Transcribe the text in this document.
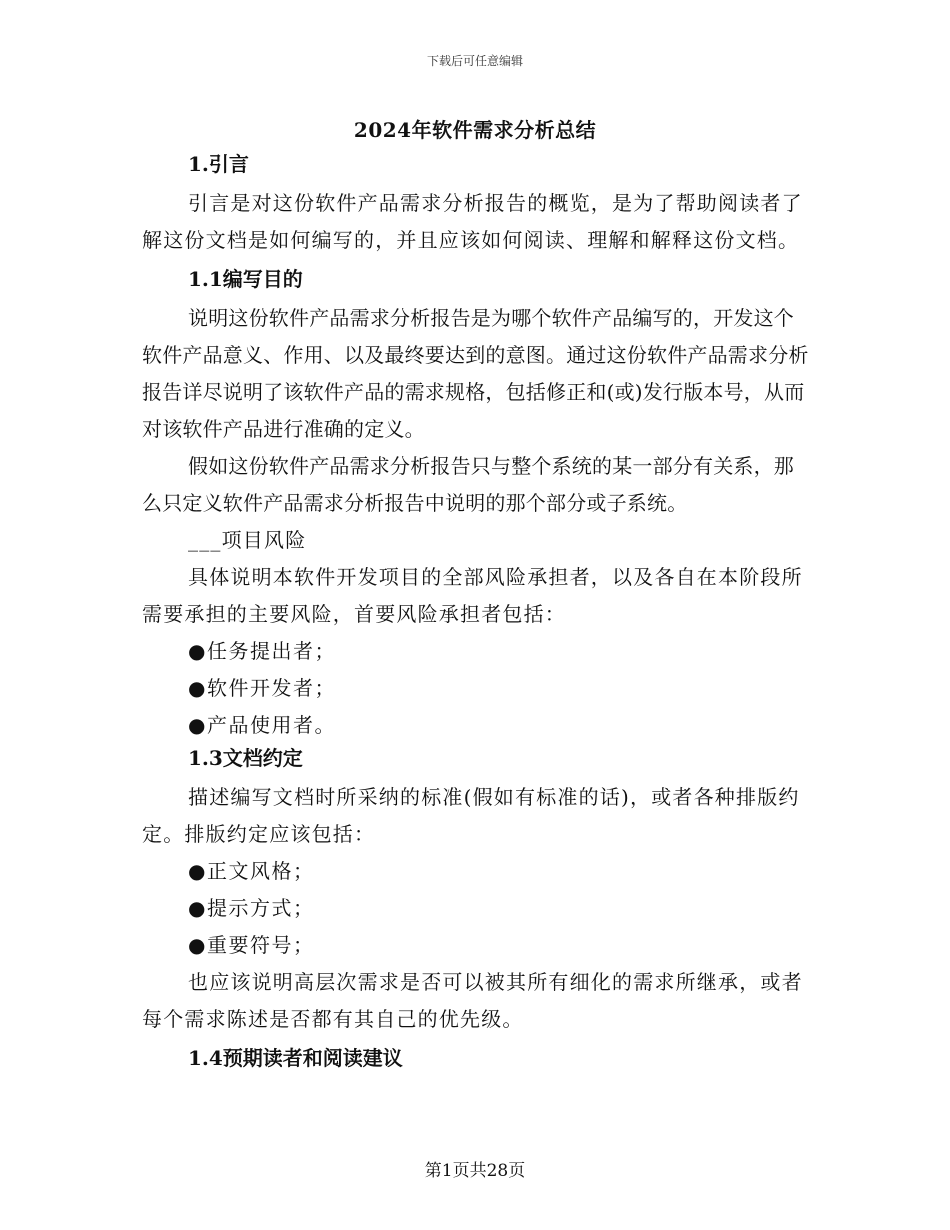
下载后可任意编辑
2024年软件需求分析总结
1.引言

引言是对这份软件产品需求分析报告的概览，是为了帮助阅读者了解这份文档是如何编写的，并且应该如何阅读、理解和解释这份文档。

1.1编写目的

说明这份软件产品需求分析报告是为哪个软件产品编写的，开发这个软件产品意义、作用、以及最终要达到的意图。通过这份软件产品需求分析报告详尽说明了该软件产品的需求规格，包括修正和(或)发行版本号，从而对该软件产品进行准确的定义。

假如这份软件产品需求分析报告只与整个系统的某一部分有关系，那么只定义软件产品需求分析报告中说明的那个部分或子系统。

___项目风险

具体说明本软件开发项目的全部风险承担者，以及各自在本阶段所需要承担的主要风险，首要风险承担者包括：

●任务提出者；
●软件开发者；
●产品使用者。
1.3文档约定

描述编写文档时所采纳的标准(假如有标准的话)，或者各种排版约定。排版约定应该包括：

●正文风格；
●提示方式；
●重要符号；

也应该说明高层次需求是否可以被其所有细化的需求所继承，或者每个需求陈述是否都有其自己的优先级。

1.4预期读者和阅读建议
第1页共28页
